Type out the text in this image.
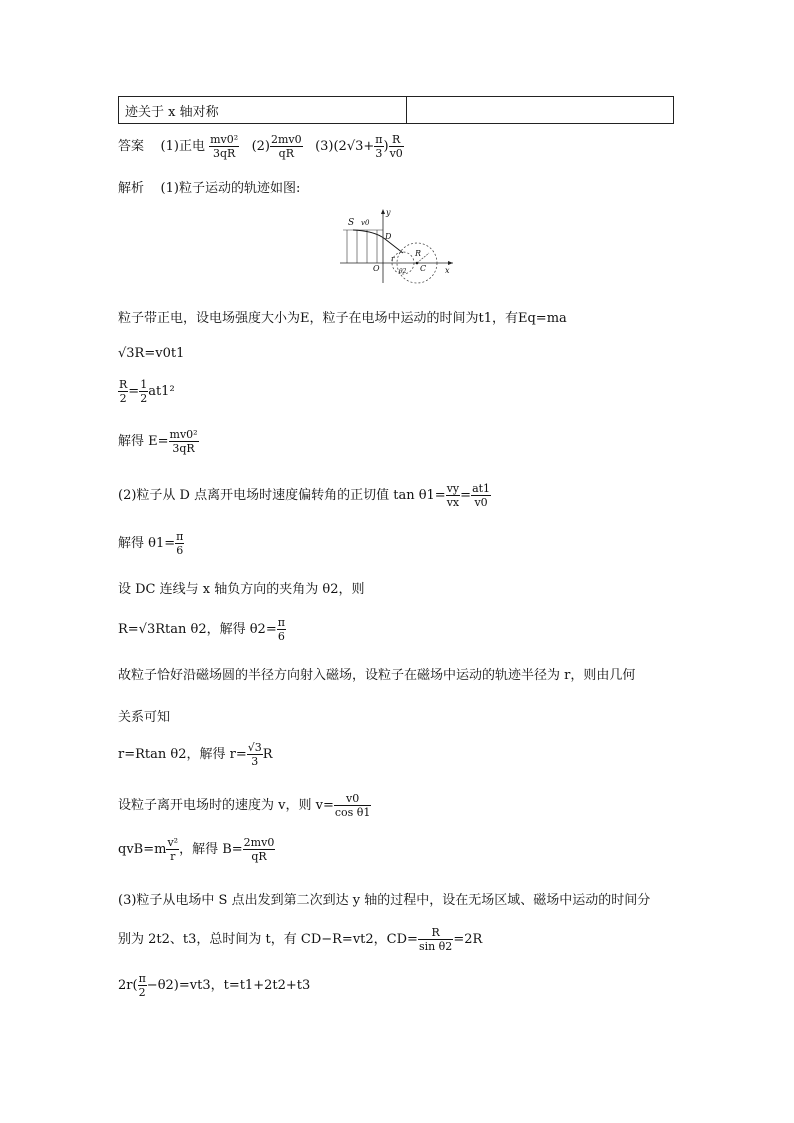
迹关于 x 轴对称
答案 (1)正电 $\frac{\text{mv0²}}{3qR} (2) \frac{2mv0}{qR} (3)(2√3+ \frac{\pi}{3}$ ) $\frac{R}{v0}$
解析 (1)粒子运动的轨迹如图:
S v0
y
D
O
r
θ2
R
C x
粒子带正电，设电场强度大小为E，粒子在电场中运动的时间为t1，有Eq=ma
√3R=v0t1
$\frac{R}{2} = \frac{1}{2} at1^2$
解得 $E= \frac{\text{mv0²}}{3qR}$
(2)粒子从 D 点离开电场时速度偏转角的正切值 $\tan \theta 1= \frac{vy}{vx} = \frac{at1}{v0}$
解得 $\theta 1= \frac{\pi}{6}$
设 DC 连线与 x 轴负方向的夹角为 θ2，则
R=√3Rtan θ2，解得 $\theta 2= \frac{\pi}{6}$
故粒子恰好沿磁场圆的半径方向射入磁场，设粒子在磁场中运动的轨迹半径为 r，则由几何
关系可知
r=Rtan θ2，解得 $r= \frac{√3}{3}$ R
设粒子离开电场时的速度为 v，则 $v= \frac{v0}{\text{cos θ1}}$
$qvB=m \frac{\text{v²}}{r}$ ，解得 $B= \frac{2mv0}{qR}$
(3)粒子从电场中 S 点出发到第二次到达 y 轴的过程中，设在无场区域、磁场中运动的时间分
别为 2t2、t3，总时间为 t，有 CD−R=vt2，$CD= \frac{R}{\text{sin θ2}} =2R$
$2r( \frac{\pi}{2} -\theta 2)=vt3$，t=t1+2t2+t3
